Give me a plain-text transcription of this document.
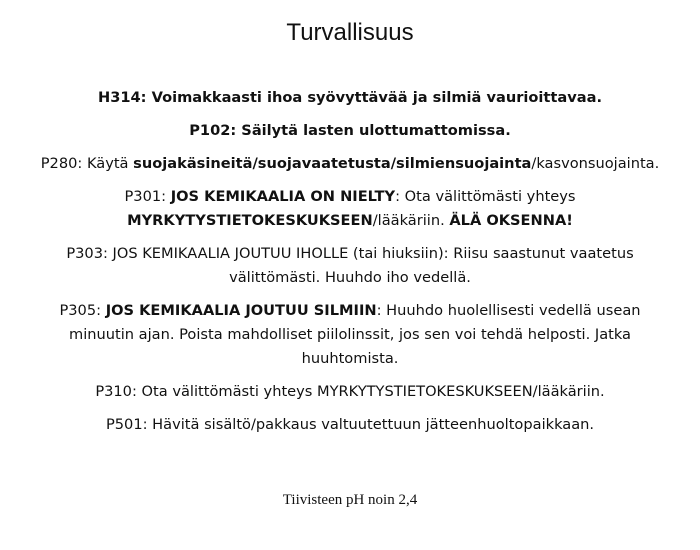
Turvallisuus

H314: Voimakkaasti ihoa syövyttävää ja silmiä vaurioittavaa.

P102: Säilytä lasten ulottumattomissa.

P280: Käytä suojakäsineitä/suojavaatetusta/silmiensuojainta/kasvonsuojainta.

P301: JOS KEMIKAALIA ON NIELTY: Ota välittömästi yhteys MYRKYTYSTIETOKESKUKSEEN/lääkäriin. ÄLÄ OKSENNA!

P303: JOS KEMIKAALIA JOUTUU IHOLLE (tai hiuksiin): Riisu saastunut vaatetus välittömästi. Huuhdo iho vedellä.

P305: JOS KEMIKAALIA JOUTUU SILMIIN: Huuhdo huolellisesti vedellä usean minuutin ajan. Poista mahdolliset piilolinssit, jos sen voi tehdä helposti. Jatka huuhtomista.

P310: Ota välittömästi yhteys MYRKYTYSTIETOKESKUKSEEN/lääkäriin.

P501: Hävitä sisältö/pakkaus valtuutettuun jätteenhuoltopaikkaan.

Tiivisteen pH noin 2,4
